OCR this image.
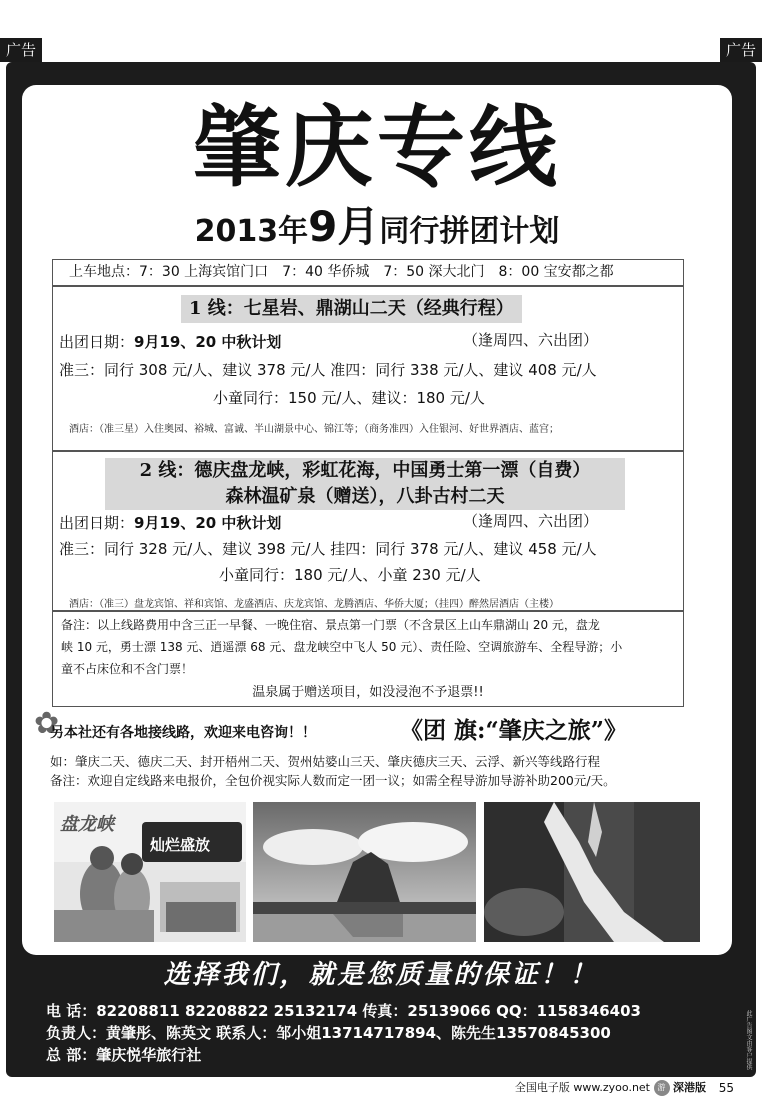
广告	广告
肇庆专线
2013年9月同行拼团计划
上车地点：7：30 上海宾馆门口　7：40 华侨城　7：50 深大北门　8：00 宝安都之都
1 线：七星岩、鼎湖山二天（经典行程）
出团日期：9月19、20 中秋计划	（逢周四、六出团）
准三：同行 308 元/人、建议 378 元/人 准四：同行 338 元/人、建议 408 元/人
小童同行：150 元/人、建议：180 元/人
酒店：（准三星）入住奥园、裕城、富诚、半山湖景中心、锦江等；（商务准四）入住银河、好世界酒店、蓝宫；
2 线：德庆盘龙峡，彩虹花海，中国勇士第一漂（自费）
森林温矿泉（赠送），八卦古村二天
出团日期：9月19、20 中秋计划	（逢周四、六出团）
准三：同行 328 元/人、建议 398 元/人 挂四：同行 378 元/人、建议 458 元/人
小童同行：180 元/人、小童 230 元/人
酒店：（准三）盘龙宾馆、祥和宾馆、龙盛酒店、庆龙宾馆、龙腾酒店、华侨大厦；（挂四）醉然居酒店（主楼）
备注：以上线路费用中含三正一早餐、一晚住宿、景点第一门票（不含景区上山车鼎湖山 20 元，盘龙
峡 10 元，勇士漂 138 元、逍遥漂 68 元、盘龙峡空中飞人 50 元）、责任险、空调旅游车、全程导游；小
童不占床位和不含门票！
温泉属于赠送项目，如没浸泡不予退票!!
✿
另本社还有各地接线路，欢迎来电咨询！！	《团 旗:“肇庆之旅”》
如：肇庆二天、德庆二天、封开梧州二天、贺州姑婆山三天、肇庆德庆三天、云浮、新兴等线路行程
备注：欢迎自定线路来电报价，全包价视实际人数而定一团一议；如需全程导游加导游补助200元/天。
盘龙峡
灿烂盛放
选择我们，就是您质量的保证！！
电 话：82208811 82208822 25132174 传真：25139066 QQ：1158346403
负责人：黄肇彤、陈英文 联系人：邹小姐13714717894、陈先生13570845300
总 部：肇庆悦华旅行社	此广告图文由客户提供
全国电子版 www.zyoo.net 游 深港版 55
